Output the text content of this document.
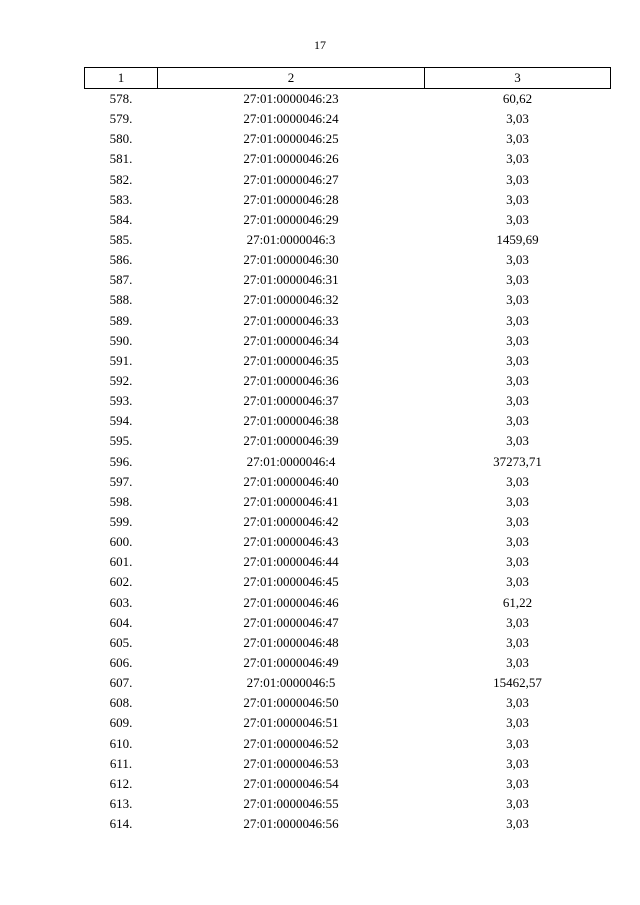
17
1	2	3
578.	27:01:0000046:23	60,62
579.	27:01:0000046:24	3,03
580.	27:01:0000046:25	3,03
581.	27:01:0000046:26	3,03
582.	27:01:0000046:27	3,03
583.	27:01:0000046:28	3,03
584.	27:01:0000046:29	3,03
585.	27:01:0000046:3	1459,69
586.	27:01:0000046:30	3,03
587.	27:01:0000046:31	3,03
588.	27:01:0000046:32	3,03
589.	27:01:0000046:33	3,03
590.	27:01:0000046:34	3,03
591.	27:01:0000046:35	3,03
592.	27:01:0000046:36	3,03
593.	27:01:0000046:37	3,03
594.	27:01:0000046:38	3,03
595.	27:01:0000046:39	3,03
596.	27:01:0000046:4	37273,71
597.	27:01:0000046:40	3,03
598.	27:01:0000046:41	3,03
599.	27:01:0000046:42	3,03
600.	27:01:0000046:43	3,03
601.	27:01:0000046:44	3,03
602.	27:01:0000046:45	3,03
603.	27:01:0000046:46	61,22
604.	27:01:0000046:47	3,03
605.	27:01:0000046:48	3,03
606.	27:01:0000046:49	3,03
607.	27:01:0000046:5	15462,57
608.	27:01:0000046:50	3,03
609.	27:01:0000046:51	3,03
610.	27:01:0000046:52	3,03
611.	27:01:0000046:53	3,03
612.	27:01:0000046:54	3,03
613.	27:01:0000046:55	3,03
614.	27:01:0000046:56	3,03
